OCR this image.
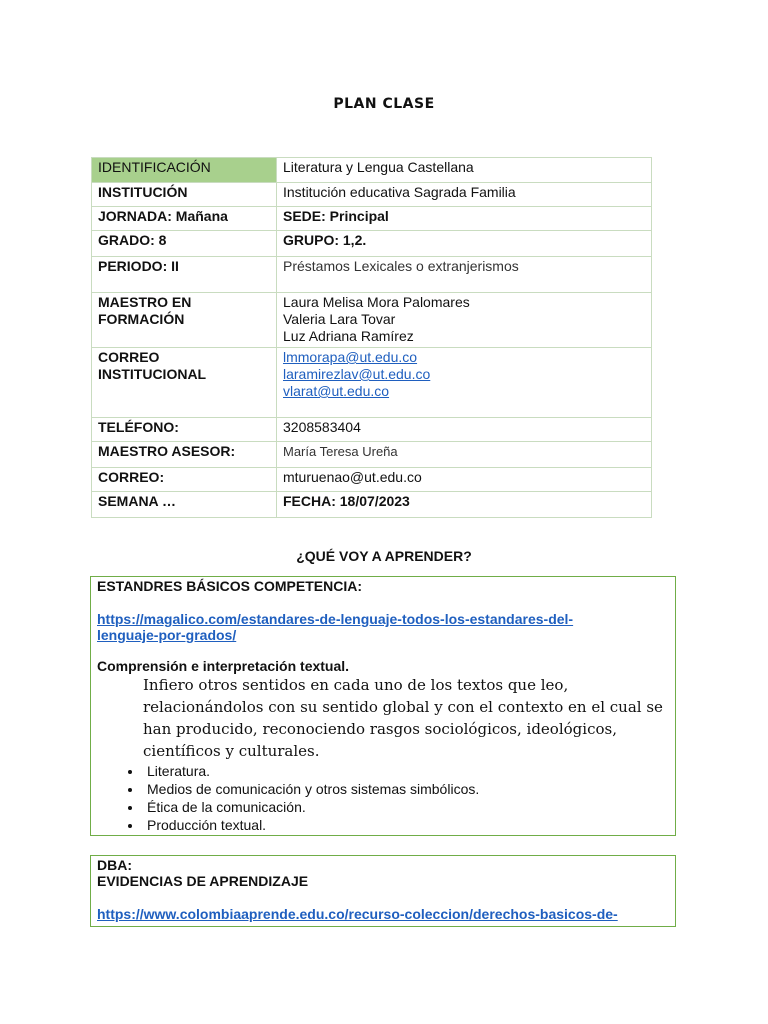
PLAN CLASE
IDENTIFICACIÓN	Literatura y Lengua Castellana
INSTITUCIÓN	Institución educativa Sagrada Familia
JORNADA: Mañana	SEDE: Principal
GRADO: 8	GRUPO: 1,2.
PERIODO: II	Préstamos Lexicales o extranjerismos
MAESTRO EN FORMACIÓN	Laura Melisa Mora Palomares
Valeria Lara Tovar
Luz Adriana Ramírez

CORREO INSTITUCIONAL	lmmorapa@ut.edu.co
laramirezlav@ut.edu.co
vlarat@ut.edu.co

TELÉFONO:	3208583404
MAESTRO ASESOR:	María Teresa Ureña
CORREO:	mturuenao@ut.edu.co
SEMANA …	FECHA: 18/07/2023
¿QUÉ VOY A APRENDER?
ESTANDRES BÁSICOS COMPETENCIA:
https://magalico.com/estandares-de-lenguaje-todos-los-estandares-del-
lenguaje-por-grados/
Comprensión e interpretación textual.

Infiero otros sentidos en cada uno de los textos que leo, relacionándolos con su sentido global y con el contexto en el cual se han producido, reconociendo rasgos sociológicos, ideológicos, científicos y culturales.

• Literatura.
• Medios de comunicación y otros sistemas simbólicos.
• Ética de la comunicación.
• Producción textual.
DBA:
EVIDENCIAS DE APRENDIZAJE
https://www.colombiaaprende.edu.co/recurso-coleccion/derechos-basicos-de-
